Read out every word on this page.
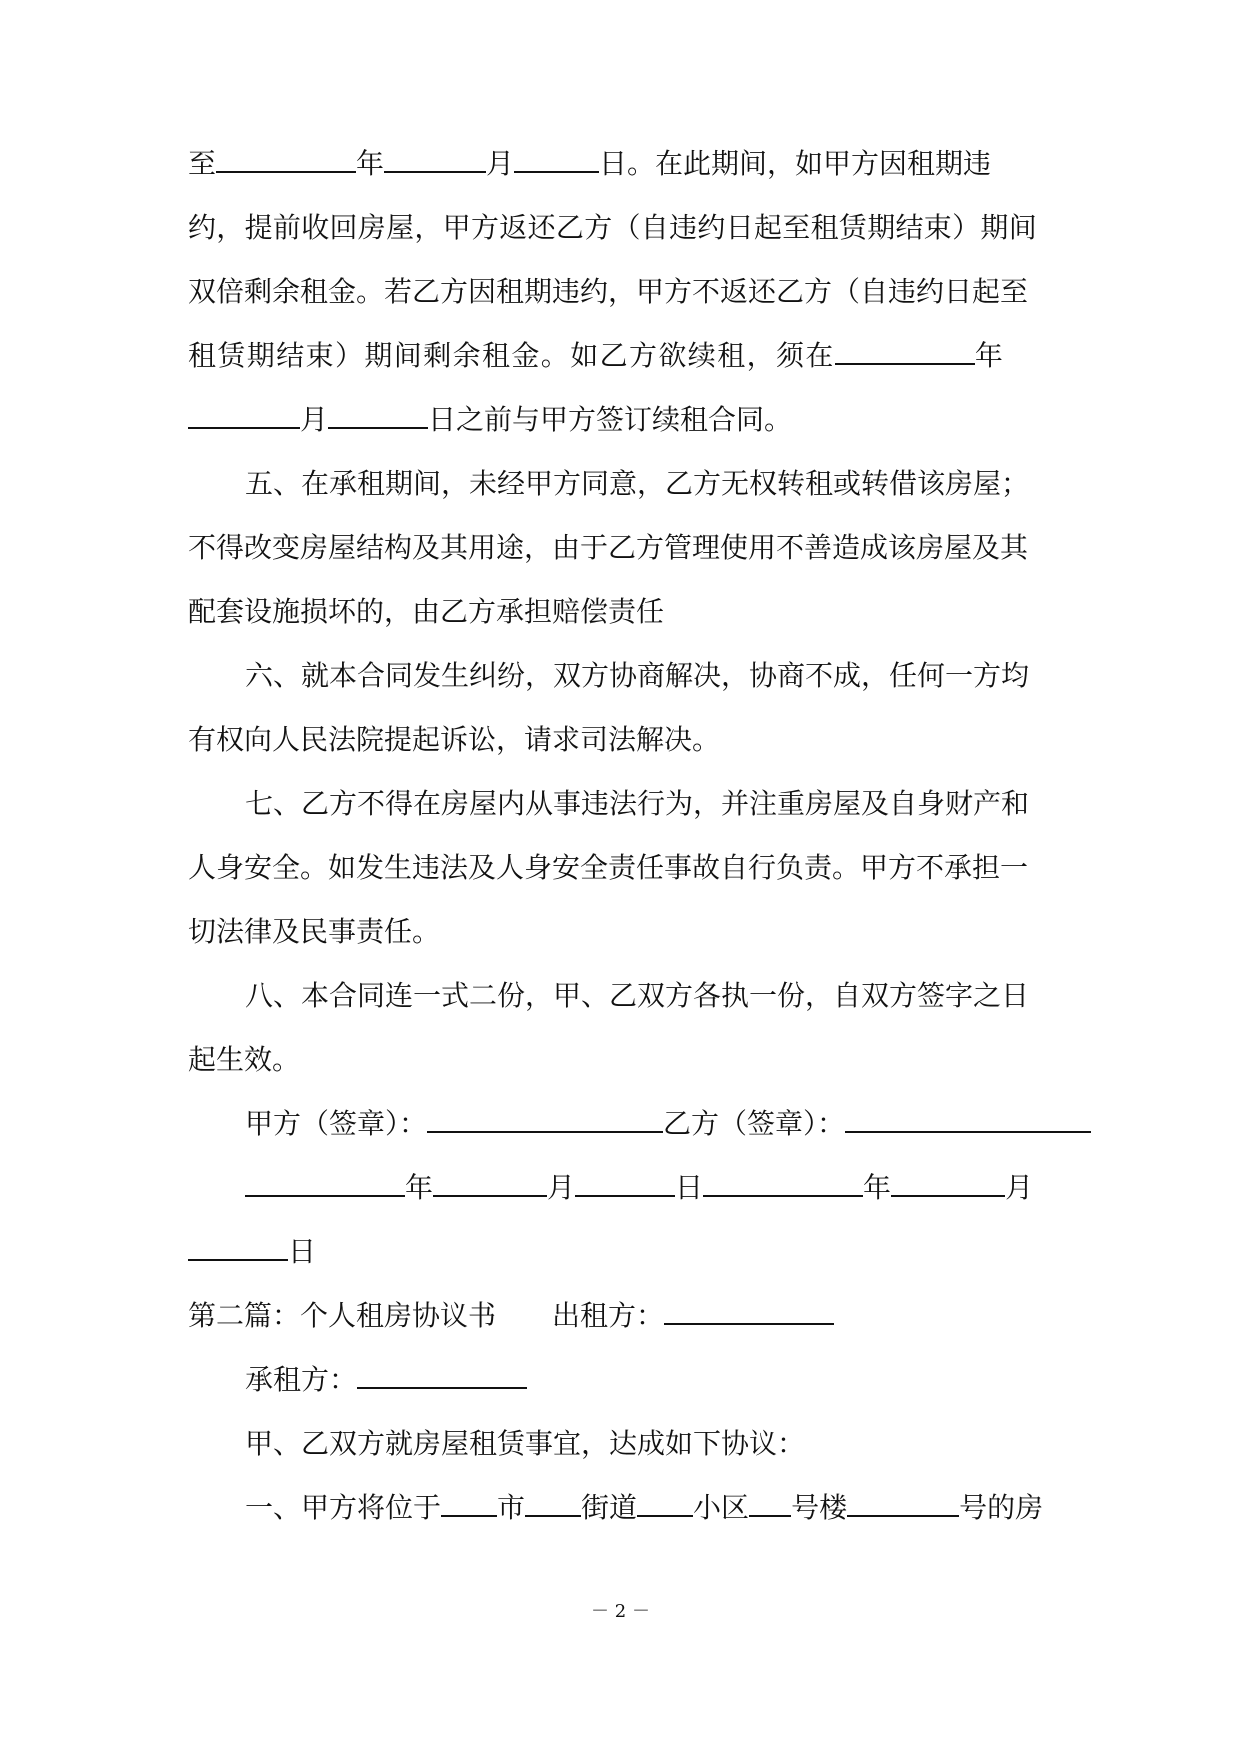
至	年	月	日。在此期间，如甲方因租期违
约，提前收回房屋，甲方返还乙方（自违约日起至租赁期结束）期间
双倍剩余租金。若乙方因租期违约，甲方不返还乙方（自违约日起至
租赁期结束）期间剩余租金。如乙方欲续租，须在	年
月	日之前与甲方签订续租合同。
五、在承租期间，未经甲方同意，乙方无权转租或转借该房屋；
不得改变房屋结构及其用途，由于乙方管理使用不善造成该房屋及其
配套设施损坏的，由乙方承担赔偿责任
六、就本合同发生纠纷，双方协商解决，协商不成，任何一方均
有权向人民法院提起诉讼，请求司法解决。
七、乙方不得在房屋内从事违法行为，并注重房屋及自身财产和
人身安全。如发生违法及人身安全责任事故自行负责。甲方不承担一
切法律及民事责任。
八、本合同连一式二份，甲、乙双方各执一份，自双方签字之日
起生效。
甲方（签章）：	乙方（签章）：
年	月	日	年	月
日
第二篇：个人租房协议书 出租方：
承租方：
甲、乙双方就房屋租赁事宜，达成如下协议：
一、甲方将位于 市 街道 小区 号楼	号的房
－ 2 －
